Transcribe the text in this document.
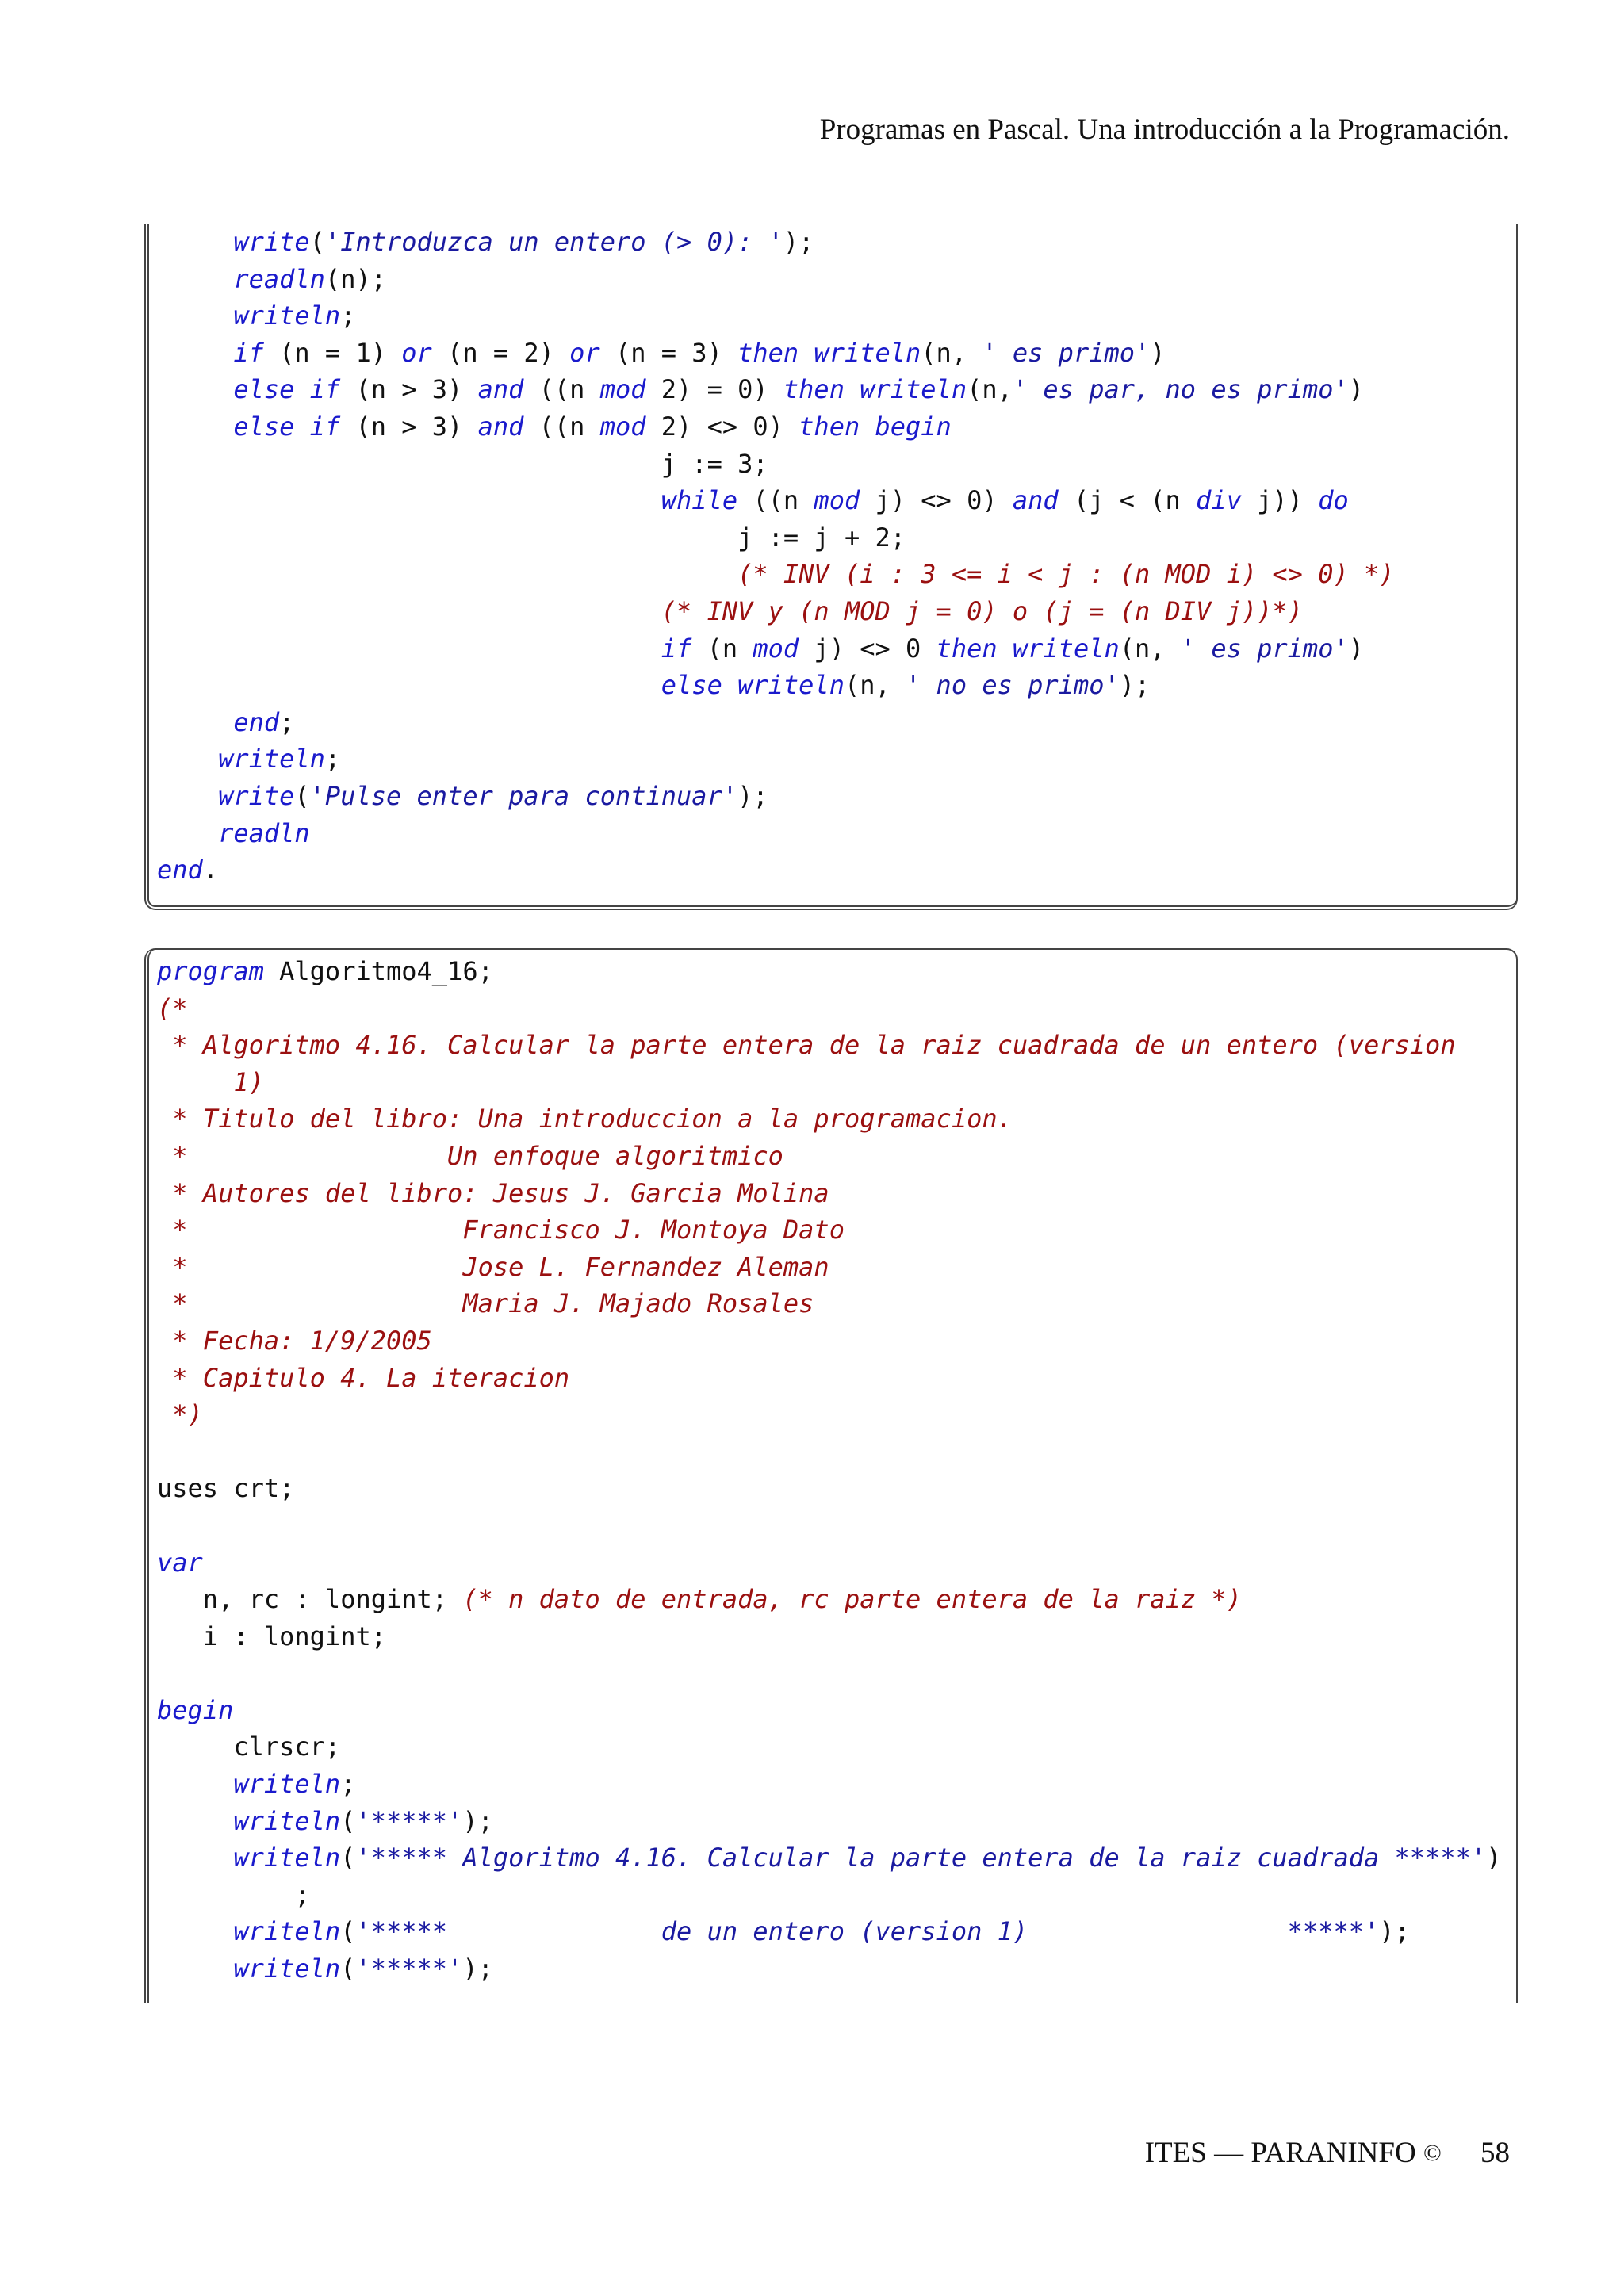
Programas en Pascal. Una introducción a la Programación.
write('Introduzca un entero (> 0): ');
readln(n);
writeln;
if (n = 1) or (n = 2) or (n = 3) then writeln(n, ' es primo')
else if (n > 3) and ((n mod 2) = 0) then writeln(n,' es par, no es primo')
else if (n > 3) and ((n mod 2) <> 0) then begin
j := 3;
while ((n mod j) <> 0) and (j < (n div j)) do
j := j + 2;
(* INV (i : 3 <= i < j : (n MOD i) <> 0) *)
(* INV y (n MOD j = 0) o (j = (n DIV j))*)
if (n mod j) <> 0 then writeln(n, ' es primo')
else writeln(n, ' no es primo');
end;
writeln;
write('Pulse enter para continuar');
readln
end.
program Algoritmo4_16;
(*
* Algoritmo 4.16. Calcular la parte entera de la raiz cuadrada de un entero (version
1)
* Titulo del libro: Una introduccion a la programacion.
*                 Un enfoque algoritmico
* Autores del libro: Jesus J. Garcia Molina
*                  Francisco J. Montoya Dato
*                  Jose L. Fernandez Aleman
*                  Maria J. Majado Rosales
* Fecha: 1/9/2005
* Capitulo 4. La iteracion
*)
uses crt;
var
n, rc : longint; (* n dato de entrada, rc parte entera de la raiz *)
i : longint;
begin
clrscr;
writeln;
writeln('*****');
writeln('***** Algoritmo 4.16. Calcular la parte entera de la raiz cuadrada *****')
;
writeln('*****              de un entero (version 1)                 *****');
writeln('*****');
ITES — PARANINFO © 58
